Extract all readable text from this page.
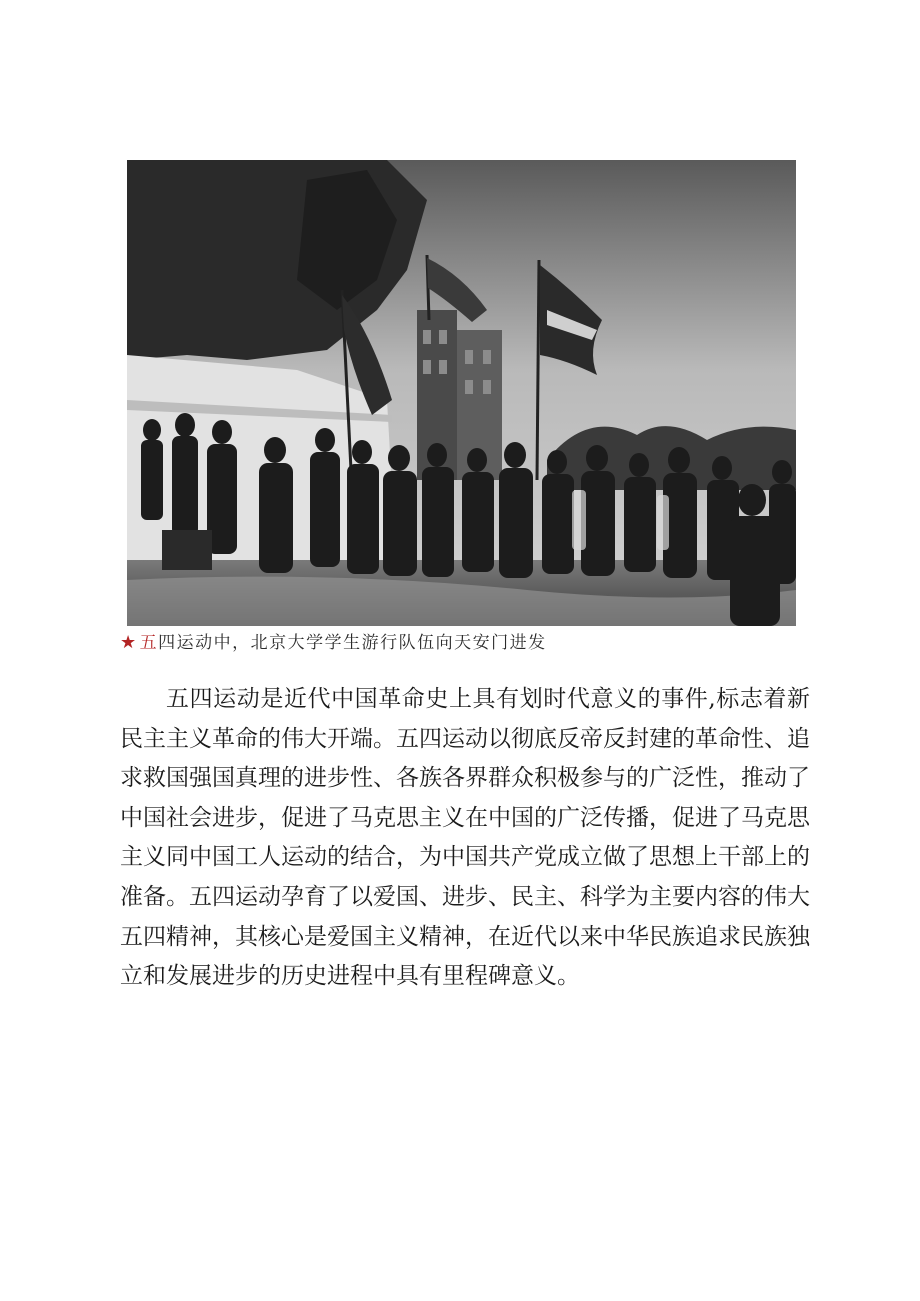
★ 五四运动中，北京大学学生游行队伍向天安门进发

五四运动是近代中国革命史上具有划时代意义的事件,标志着新民主主义革命的伟大开端。五四运动以彻底反帝反封建的革命性、追求救国强国真理的进步性、各族各界群众积极参与的广泛性，推动了中国社会进步，促进了马克思主义在中国的广泛传播，促进了马克思主义同中国工人运动的结合，为中国共产党成立做了思想上干部上的准备。五四运动孕育了以爱国、进步、民主、科学为主要内容的伟大五四精神，其核心是爱国主义精神，在近代以来中华民族追求民族独立和发展进步的历史进程中具有里程碑意义。
